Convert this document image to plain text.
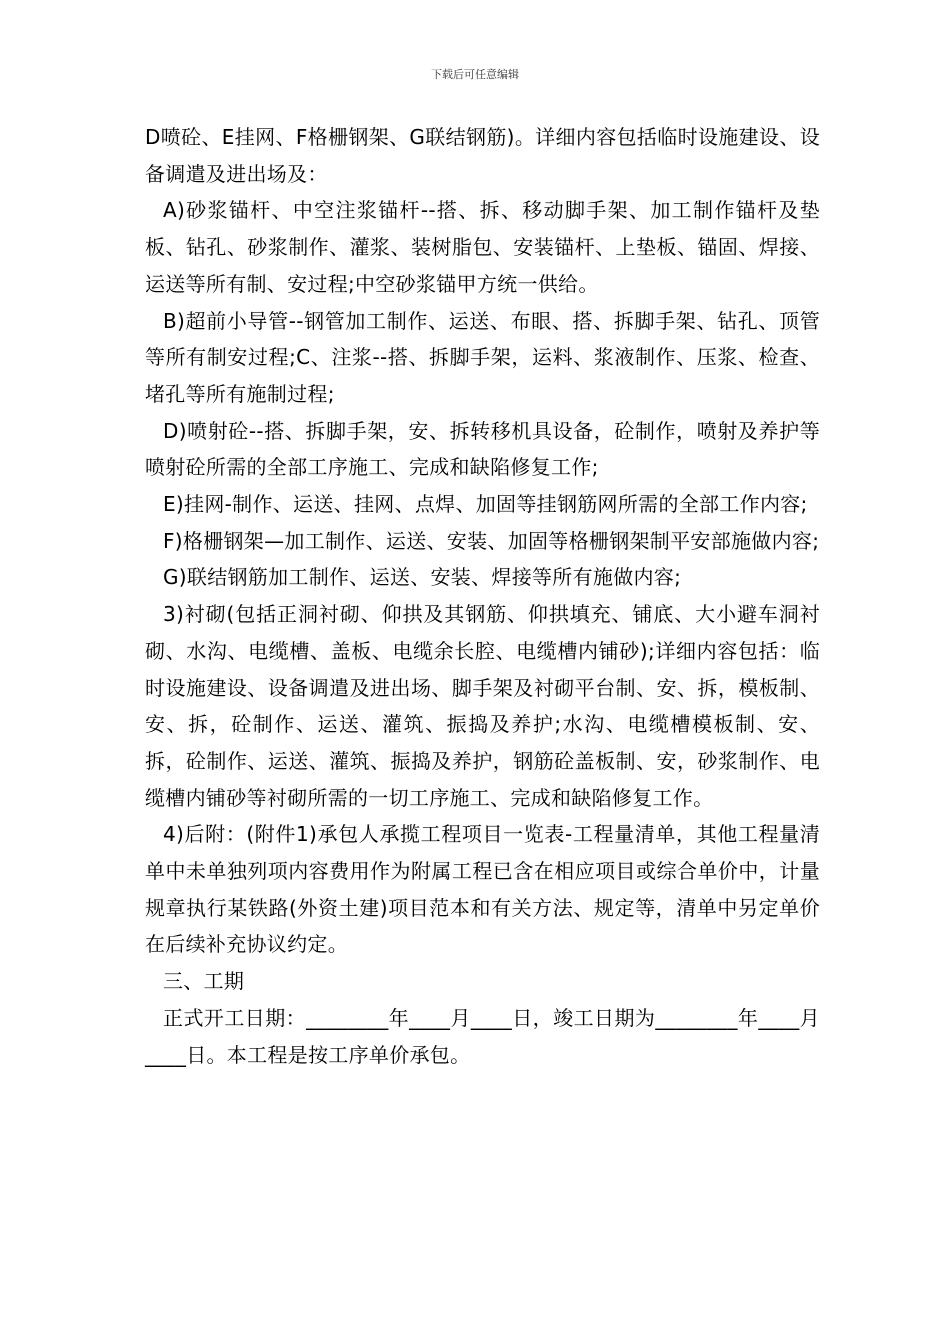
下载后可任意编辑

D喷砼、E挂网、F格栅钢架、G联结钢筋)。详细内容包括临时设施建设、设备调遣及进出场及：

A)砂浆锚杆、中空注浆锚杆--搭、拆、移动脚手架、加工制作锚杆及垫板、钻孔、砂浆制作、灌浆、装树脂包、安装锚杆、上垫板、锚固、焊接、运送等所有制、安过程;中空砂浆锚甲方统一供给。

B)超前小导管--钢管加工制作、运送、布眼、搭、拆脚手架、钻孔、顶管等所有制安过程;C、注浆--搭、拆脚手架，运料、浆液制作、压浆、检查、堵孔等所有施制过程;

D)喷射砼--搭、拆脚手架，安、拆转移机具设备，砼制作，喷射及养护等喷射砼所需的全部工序施工、完成和缺陷修复工作;

E)挂网-制作、运送、挂网、点焊、加固等挂钢筋网所需的全部工作内容;

F)格栅钢架—加工制作、运送、安装、加固等格栅钢架制平安部施做内容;

G)联结钢筋加工制作、运送、安装、焊接等所有施做内容;

3)衬砌(包括正洞衬砌、仰拱及其钢筋、仰拱填充、铺底、大小避车洞衬砌、水沟、电缆槽、盖板、电缆余长腔、电缆槽内铺砂);详细内容包括：临时设施建设、设备调遣及进出场、脚手架及衬砌平台制、安、拆，模板制、安、拆，砼制作、运送、灌筑、振捣及养护;水沟、电缆槽模板制、安、拆，砼制作、运送、灌筑、振捣及养护，钢筋砼盖板制、安，砂浆制作、电缆槽内铺砂等衬砌所需的一切工序施工、完成和缺陷修复工作。

4)后附：(附件1)承包人承揽工程项目一览表-工程量清单，其他工程量清单中未单独列项内容费用作为附属工程已含在相应项目或综合单价中，计量规章执行某铁路(外资土建)项目范本和有关方法、规定等，清单中另定单价在后续补充协议约定。

三、工期

正式开工日期：________年____月____日，竣工日期为________年____月____日。本工程是按工序单价承包。
